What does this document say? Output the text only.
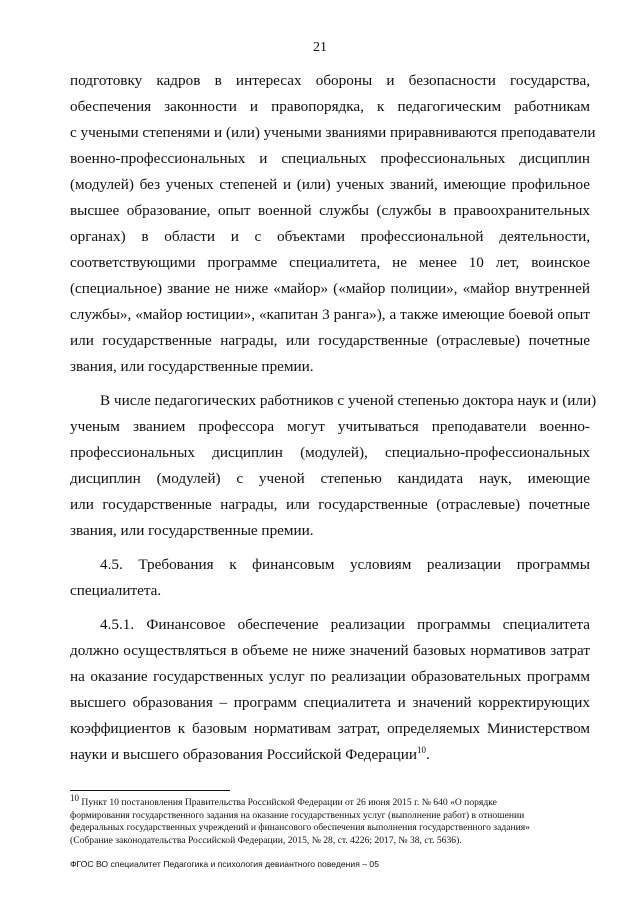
21
подготовку кадров в интересах обороны и безопасности государства,
обеспечения законности и правопорядка, к педагогическим работникам
с учеными степенями и (или) учеными званиями приравниваются преподаватели
военно-профессиональных и специальных профессиональных дисциплин
(модулей) без ученых степеней и (или) ученых званий, имеющие профильное
высшее образование, опыт военной службы (службы в правоохранительных
органах) в области и с объектами профессиональной деятельности,
соответствующими программе специалитета, не менее 10 лет, воинское
(специальное) звание не ниже «майор» («майор полиции», «майор внутренней
службы», «майор юстиции», «капитан 3 ранга»), а также имеющие боевой опыт
или государственные награды, или государственные (отраслевые) почетные
звания, или государственные премии.
В числе педагогических работников с ученой степенью доктора наук и (или)
ученым званием профессора могут учитываться преподаватели военно-
профессиональных дисциплин (модулей), специально-профессиональных
дисциплин (модулей) с ученой степенью кандидата наук, имеющие
или государственные награды, или государственные (отраслевые) почетные
звания, или государственные премии.
4.5. Требования к финансовым условиям реализации программы
специалитета.
4.5.1. Финансовое обеспечение реализации программы специалитета
должно осуществляться в объеме не ниже значений базовых нормативов затрат
на оказание государственных услуг по реализации образовательных программ
высшего образования – программ специалитета и значений корректирующих
коэффициентов к базовым нормативам затрат, определяемых Министерством
науки и высшего образования Российской Федерации$^{10}$.
$^{10}$ Пункт 10 постановления Правительства Российской Федерации от 26 июня 2015 г. № 640 «О порядке
формирования государственного задания на оказание государственных услуг (выполнение работ) в отношении
федеральных государственных учреждений и финансового обеспечения выполнения государственного задания»
(Собрание законодательства Российской Федерации, 2015, № 28, ст. 4226; 2017, № 38, ст. 5636).
ФГОС ВО специалитет Педагогика и психология девиантного поведения – 05
